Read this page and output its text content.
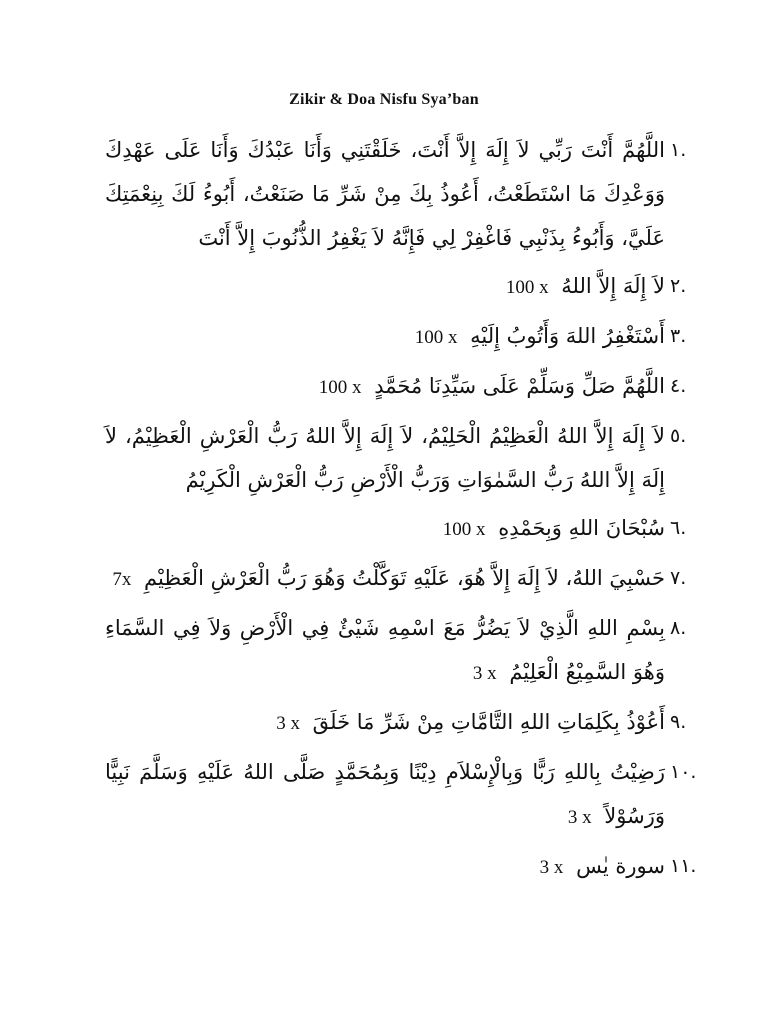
Zikir & Doa Nisfu Sya’ban
.١
اللَّهُمَّ أَنْتَ رَبِّي لاَ إِلَهَ إِلاَّ أَنْتَ، خَلَقْتَنِي وَأَنَا عَبْدُكَ وَأَنَا عَلَى عَهْدِكَ وَوَعْدِكَ مَا اسْتَطَعْتُ، أَعُوذُ بِكَ مِنْ شَرِّ مَا صَنَعْتُ، أَبُوءُ لَكَ بِنِعْمَتِكَ عَلَيَّ، وَأَبُوءُ بِذَنْبِي فَاغْفِرْ لِي فَإِنَّهُ لاَ يَغْفِرُ الذُّنُوبَ إِلاَّ أَنْتَ
.٢
لاَ إِلَهَ إِلاَّ اللهُ 100 x
.٣
أَسْتَغْفِرُ اللهَ وَأَتُوبُ إِلَيْهِ 100 x
.٤
اللَّهُمَّ صَلِّ وَسَلِّمْ عَلَى سَيِّدِنَا مُحَمَّدٍ 100 x
.٥
لاَ إِلَهَ إِلاَّ اللهُ الْعَظِيْمُ الْحَلِيْمُ، لاَ إِلَهَ إِلاَّ اللهُ رَبُّ الْعَرْشِ الْعَظِيْمُ، لاَ إِلَهَ إِلاَّ اللهُ رَبُّ السَّمٰوَاتِ وَرَبُّ الْأَرْضِ رَبُّ الْعَرْشِ الْكَرِيْمُ
.٦
سُبْحَانَ اللهِ وَبِحَمْدِهِ 100 x
.٧
حَسْبِيَ اللهُ، لاَ إِلَهَ إِلاَّ هُوَ، عَلَيْهِ تَوَكَّلْتُ وَهُوَ رَبُّ الْعَرْشِ الْعَظِيْمِ 7x
.٨
بِسْمِ اللهِ الَّذِيْ لاَ يَضُرُّ مَعَ اسْمِهِ شَيْئٌ فِي الْأَرْضِ وَلاَ فِي السَّمَاءِ وَهُوَ السَّمِيْعُ الْعَلِيْمُ 3 x
.٩
أَعُوْذُ بِكَلِمَاتِ اللهِ التَّامَّاتِ مِنْ شَرِّ مَا خَلَقَ 3 x
.١٠
رَضِيْتُ بِاللهِ رَبًّا وَبِالْإِسْلاَمِ دِيْنًا وَبِمُحَمَّدٍ صَلَّى اللهُ عَلَيْهِ وَسَلَّمَ نَبِيًّا وَرَسُوْلاً 3 x
.١١
سورة يٰس 3 x
